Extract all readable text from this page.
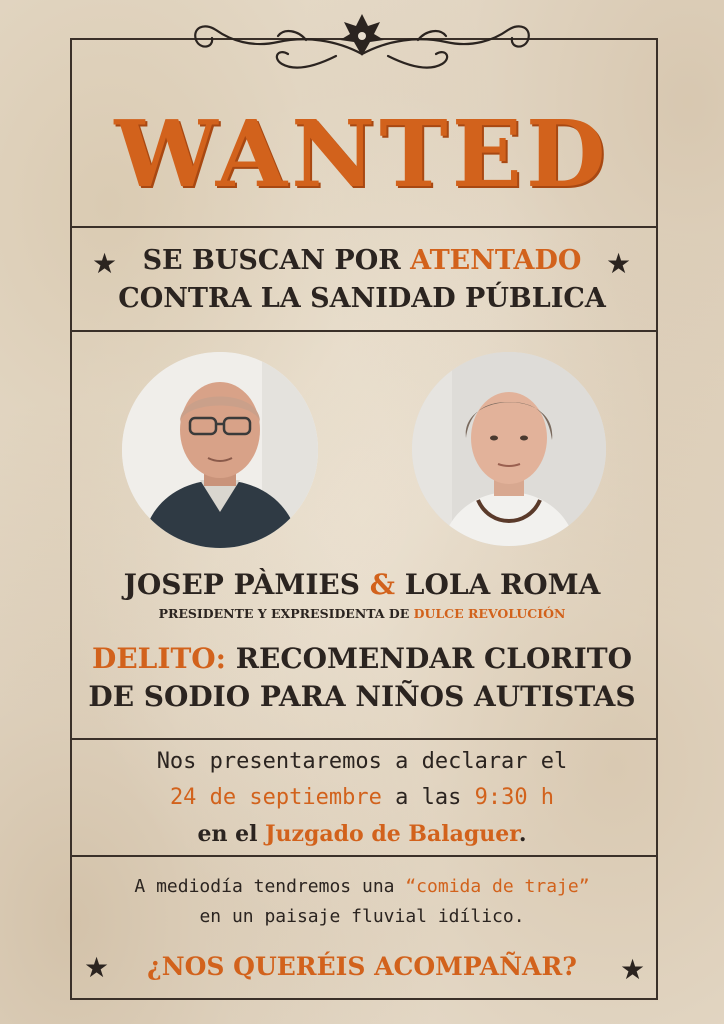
WANTED
★	★
SE BUSCAN POR ATENTADO
CONTRA LA SANIDAD PÚBLICA
JOSEP PÀMIES & LOLA ROMA
PRESIDENTE Y EXPRESIDENTA DE DULCE REVOLUCIÓN
DELITO: RECOMENDAR CLORITO
DE SODIO PARA NIÑOS AUTISTAS
Nos presentaremos a declarar el
24 de septiembre a las 9:30 h
en el Juzgado de Balaguer.
A mediodía tendremos una “comida de traje”
en un paisaje fluvial idílico.
★	★
¿NOS QUERÉIS ACOMPAÑAR?
